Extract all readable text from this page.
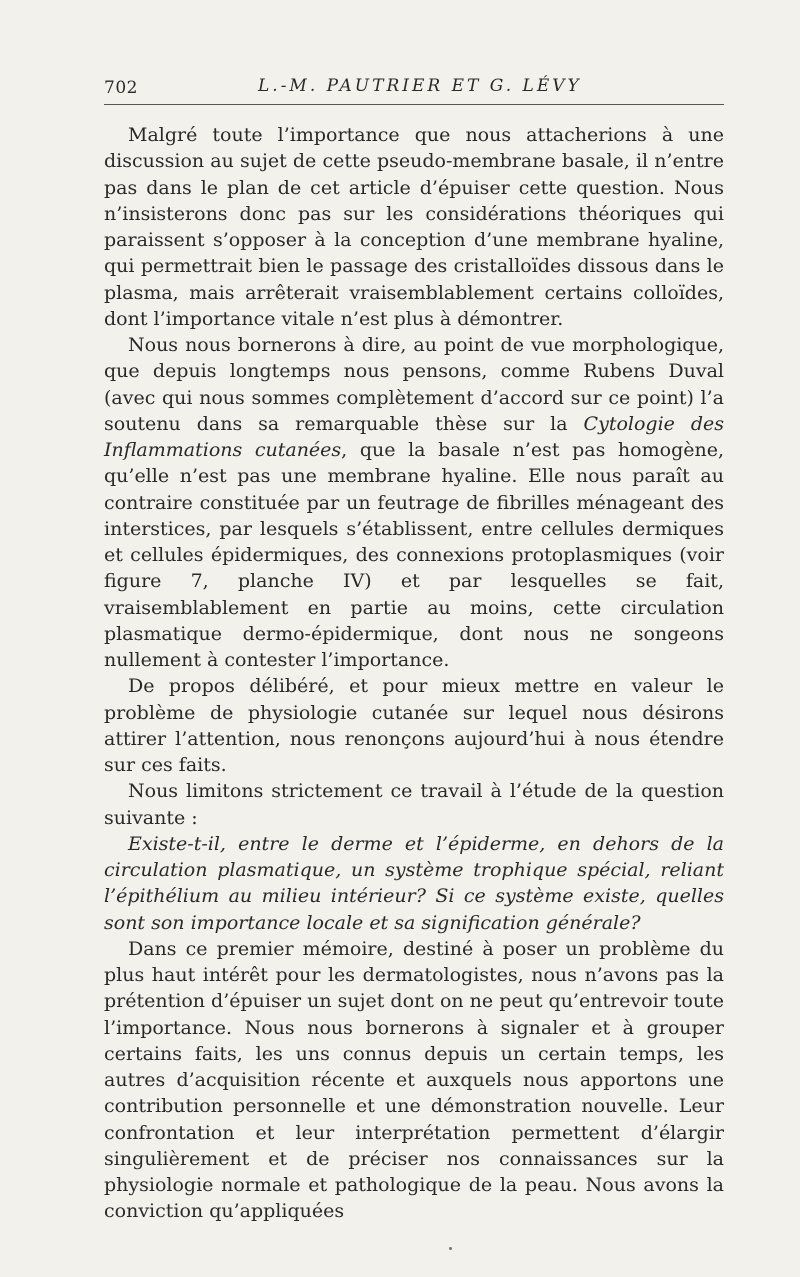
702	L.-M. PAUTRIER ET G. LÉVY

Malgré toute l’importance que nous attacherions à une discussion au sujet de cette pseudo-membrane basale, il n’entre pas dans le plan de cet article d’épuiser cette question. Nous n’insisterons donc pas sur les considérations théoriques qui paraissent s’opposer à la conception d’une membrane hyaline, qui permettrait bien le passage des cristalloïdes dissous dans le plasma, mais arrêterait vraisemblablement certains colloïdes, dont l’importance vitale n’est plus à démontrer.

Nous nous bornerons à dire, au point de vue morphologique, que depuis longtemps nous pensons, comme Rubens Duval (avec qui nous sommes complètement d’accord sur ce point) l’a soutenu dans sa remarquable thèse sur la Cytologie des Inflammations cutanées, que la basale n’est pas homogène, qu’elle n’est pas une membrane hyaline. Elle nous paraît au contraire constituée par un feutrage de fibrilles ménageant des interstices, par lesquels s’établissent, entre cellules dermiques et cellules épidermiques, des connexions protoplasmiques (voir figure 7, planche IV) et par lesquelles se fait, vraisemblablement en partie au moins, cette circulation plasmatique dermo-épidermique, dont nous ne songeons nullement à contester l’importance.

De propos délibéré, et pour mieux mettre en valeur le problème de physiologie cutanée sur lequel nous désirons attirer l’attention, nous renonçons aujourd’hui à nous étendre sur ces faits.

Nous limitons strictement ce travail à l’étude de la question suivante :

Existe-t-il, entre le derme et l’épiderme, en dehors de la circulation plasmatique, un système trophique spécial, reliant l’épithélium au milieu intérieur? Si ce système existe, quelles sont son importance locale et sa signification générale?

Dans ce premier mémoire, destiné à poser un problème du plus haut intérêt pour les dermatologistes, nous n’avons pas la prétention d’épuiser un sujet dont on ne peut qu’entrevoir toute l’importance. Nous nous bornerons à signaler et à grouper certains faits, les uns connus depuis un certain temps, les autres d’acquisition récente et auxquels nous apportons une contribution personnelle et une démonstration nouvelle. Leur confrontation et leur interprétation permettent d’élargir singulièrement et de préciser nos connaissances sur la physiologie normale et pathologique de la peau. Nous avons la conviction qu’appliquées
